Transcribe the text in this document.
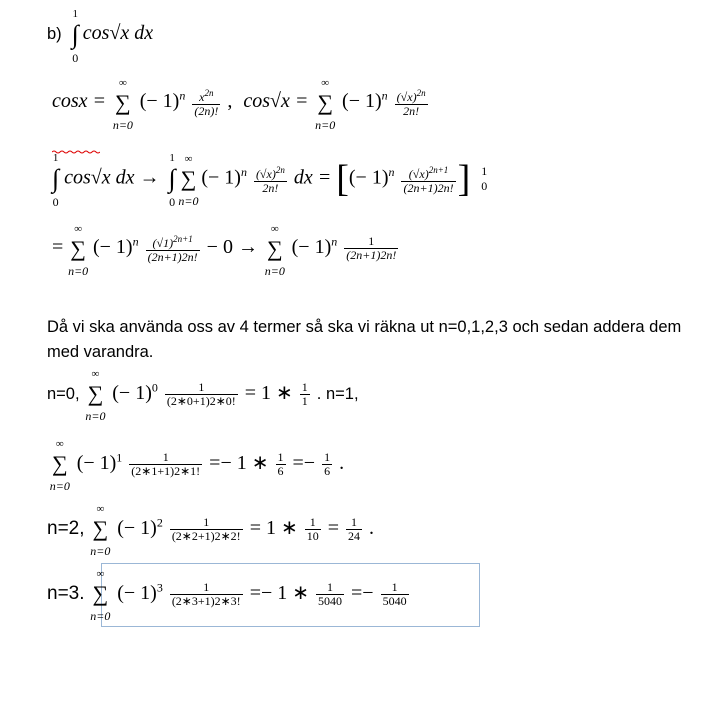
b)
1
∫
0
cos√x dx
cosx =
∞
∑
n=0
(− $1)^n \frac{x^{2n}}{(2n)!}$ , cos√x =
∞
∑
n=0
(− $1)^n \frac{(√x)^{2n}}{2n!}$
1
∫
0
cos√x dx →
1
∫
0

∞
∑
n=0
(− $1)^n \frac{(√x)^{2n}}{2n!}$ dx = [(− $1)^n \frac{(√x)^{2n+1}}{(2n+1)2n!}$ ] 1
0
=
∞
∑
n=0
(− $1)^n \frac{(√1)^{2n+1}}{(2n+1)2n!} - 0$ →
∞
∑
n=0
(− $1)^n \frac{1}{(2n+1)2n!}$
Då vi ska använda oss av 4 termer så ska vi räkna ut n=0,1,2,3 och sedan addera dem med varandra.
n=0,
∞
∑
n=0
(− $1)^0 \frac{1}{(2∗0+1)2∗0!} = 1$ ∗ $\frac{1}{1}$ . n=1,
∞
∑
n=0
(− $1)^1 \frac{1}{(2∗1+1)2∗1!} =- 1$ ∗ $\frac{1}{6} =- \frac{1}{6}$ .
n=2,
∞
∑
n=0
(− $1)^2 \frac{1}{(2∗2+1)2∗2!} = 1$ ∗ $\frac{1}{10} = \frac{1}{24}$ .
n=3.
∞
∑
n=0
(− $1)^3 \frac{1}{(2∗3+1)2∗3!} =- 1$ ∗ $\frac{1}{5040} =- \frac{1}{5040}$
